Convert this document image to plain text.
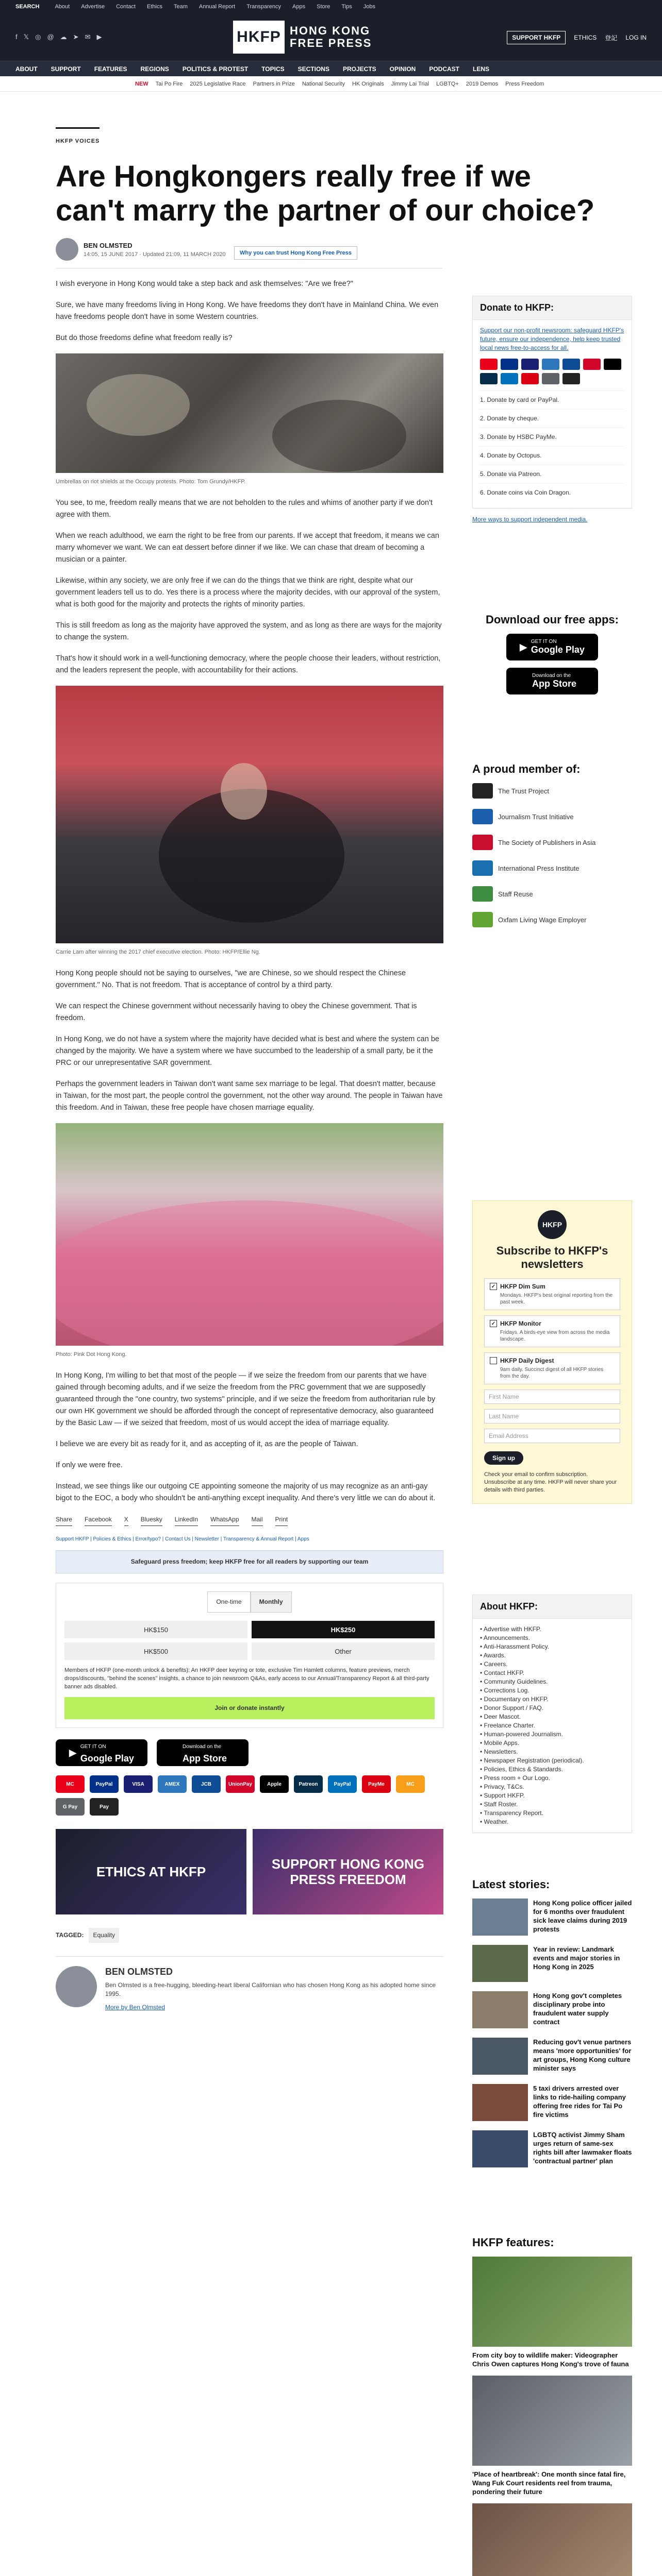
SEARCH	About Advertise Contact Ethics Team Annual Report Transparency Apps Store Tips Jobs
f 𝕏 ◎ @ ☁ ➤ ✉ ▶	HKFP HONG KONG
FREE PRESS	SUPPORT HKFP	ETHICS 登記 LOG IN
ABOUT SUPPORT FEATURES REGIONS POLITICS & PROTEST TOPICS SECTIONS PROJECTS OPINION PODCAST LENS
NEW Tai Po Fire 2025 Legislative Race Partners in Prize National Security HK Originals Jimmy Lai Trial LGBTQ+ 2019 Demos Press Freedom
HKFP VOICES
Are Hongkongers really free if we can't marry the partner of our choice?
BEN OLMSTED
14:05, 15 JUNE 2017 · Updated 21:09, 11 MARCH 2020	Why you can trust Hong Kong Free Press

I wish everyone in Hong Kong would take a step back and ask themselves: "Are we free?"

Sure, we have many freedoms living in Hong Kong. We have freedoms they don't have in Mainland China. We even have freedoms people don't have in some Western countries.

But do those freedoms define what freedom really is?

Umbrellas on riot shields at the Occupy protests. Photo: Tom Grundy/HKFP.

You see, to me, freedom really means that we are not beholden to the rules and whims of another party if we don't agree with them.

When we reach adulthood, we earn the right to be free from our parents. If we accept that freedom, it means we can marry whomever we want. We can eat dessert before dinner if we like. We can chase that dream of becoming a musician or a painter.

Likewise, within any society, we are only free if we can do the things that we think are right, despite what our government leaders tell us to do. Yes there is a process where the majority decides, with our approval of the system, what is both good for the majority and protects the rights of minority parties.

This is still freedom as long as the majority have approved the system, and as long as there are ways for the majority to change the system.

That's how it should work in a well-functioning democracy, where the people choose their leaders, without restriction, and the leaders represent the people, with accountability for their actions.

Carrie Lam after winning the 2017 chief executive election. Photo: HKFP/Ellie Ng.

Hong Kong people should not be saying to ourselves, "we are Chinese, so we should respect the Chinese government." No. That is not freedom. That is acceptance of control by a third party.

We can respect the Chinese government without necessarily having to obey the Chinese government. That is freedom.

In Hong Kong, we do not have a system where the majority have decided what is best and where the system can be changed by the majority. We have a system where we have succumbed to the leadership of a small party, be it the PRC or our unrepresentative SAR government.

Perhaps the government leaders in Taiwan don't want same sex marriage to be legal. That doesn't matter, because in Taiwan, for the most part, the people control the government, not the other way around. The people in Taiwan have this freedom. And in Taiwan, these free people have chosen marriage equality.

Photo: Pink Dot Hong Kong.

In Hong Kong, I'm willing to bet that most of the people — if we seize the freedom from our parents that we have gained through becoming adults, and if we seize the freedom from the PRC government that we are supposedly guaranteed through the "one country, two systems" principle, and if we seize the freedom from authoritarian rule by our own HK government we should be afforded through the concept of representative democracy, also guaranteed by the Basic Law — if we seized that freedom, most of us would accept the idea of marriage equality.

I believe we are every bit as ready for it, and as accepting of it, as are the people of Taiwan.

If only we were free.

Instead, we see things like our outgoing CE appointing someone the majority of us may recognize as an anti-gay bigot to the EOC, a body who shouldn't be anti-anything except inequality. And there's very little we can do about it.

Share Facebook X Bluesky LinkedIn WhatsApp Mail Print
Support HKFP | Policies & Ethics | Error/typo? | Contact Us | Newsletter | Transparency & Annual Report | Apps
Safeguard press freedom; keep HKFP free for all readers by supporting our team
One-time	Monthly
HK$150	HK$250
HK$500	Other
Members of HKFP (one-month unlock & benefits): An HKFP deer keyring or tote, exclusive Tim Hamlett columns, feature previews, merch drops/discounts, "behind the scenes" insights, a chance to join newsroom Q&As, early access to our Annual/Transparency Report & all third-party banner ads disabled.
Join or donate instantly
▶
GET IT ON
Google Play
Download on the
App Store
MC	PayPal	VISA	AMEX	JCB	UnionPay	Apple	Patreon	PayPal	PayMe	MC
G Pay	Pay
ETHICS AT HKFP	SUPPORT HONG KONG PRESS FREEDOM
TAGGED:	Equality
BEN OLMSTED
Ben Olmsted is a free-hugging, bleeding-heart liberal Californian who has chosen Hong Kong as his adopted home since 1995.
More by Ben Olmsted
Donate to HKFP:
Support our non-profit newsroom: safeguard HKFP's future, ensure our independence, help keep trusted local news free-to-access for all.
1. Donate by card or PayPal.
2. Donate by cheque.
3. Donate by HSBC PayMe.
4. Donate by Octopus.
5. Donate via Patreon.
6. Donate coins via Coin Dragon.
More ways to support independent media.
Download our free apps:
▶ GET IT ON
Google Play
Download on the
App Store
A proud member of:
The Trust Project
Journalism Trust Initiative
The Society of Publishers in Asia
International Press Institute
Staff Reuse
Oxfam Living Wage Employer
HKFP
Subscribe to HKFP's newsletters
✓ HKFP Dim Sum
Mondays. HKFP's best original reporting from the past week.
✓ HKFP Monitor
Fridays. A birds-eye view from across the media landscape.
HKFP Daily Digest
9am daily. Succinct digest of all HKFP stories from the day.
First Name
Last Name
Email Address
Sign up
Check your email to confirm subscription. Unsubscribe at any time. HKFP will never share your details with third parties.
About HKFP:
• Advertise with HKFP.
• Announcements.
• Anti-Harassment Policy.
• Awards.
• Careers.
• Contact HKFP.
• Community Guidelines.
• Corrections Log.
• Documentary on HKFP.
• Donor Support / FAQ.
• Deer Mascot.
• Freelance Charter.
• Human-powered Journalism.
• Mobile Apps.
• Newsletters.
• Newspaper Registration (periodical).
• Policies, Ethics & Standards.
• Press room + Our Logo.
• Privacy, T&Cs.
• Support HKFP.
• Staff Roster.
• Transparency Report.
• Weather.
Latest stories:
Hong Kong police officer jailed for 6 months over fraudulent sick leave claims during 2019 protests
Year in review: Landmark events and major stories in Hong Kong in 2025
Hong Kong gov't completes disciplinary probe into fraudulent water supply contract
Reducing gov't venue partners means 'more opportunities' for art groups, Hong Kong culture minister says
5 taxi drivers arrested over links to ride-hailing company offering free rides for Tai Po fire victims
LGBTQ activist Jimmy Sham urges return of same-sex rights bill after lawmaker floats 'contractual partner' plan
HKFP features:
From city boy to wildlife maker: Videographer Chris Owen captures Hong Kong's trove of fauna
'Place of heartbreak': One month since fatal fire, Wang Fuk Court residents reel from trauma, pondering their future
